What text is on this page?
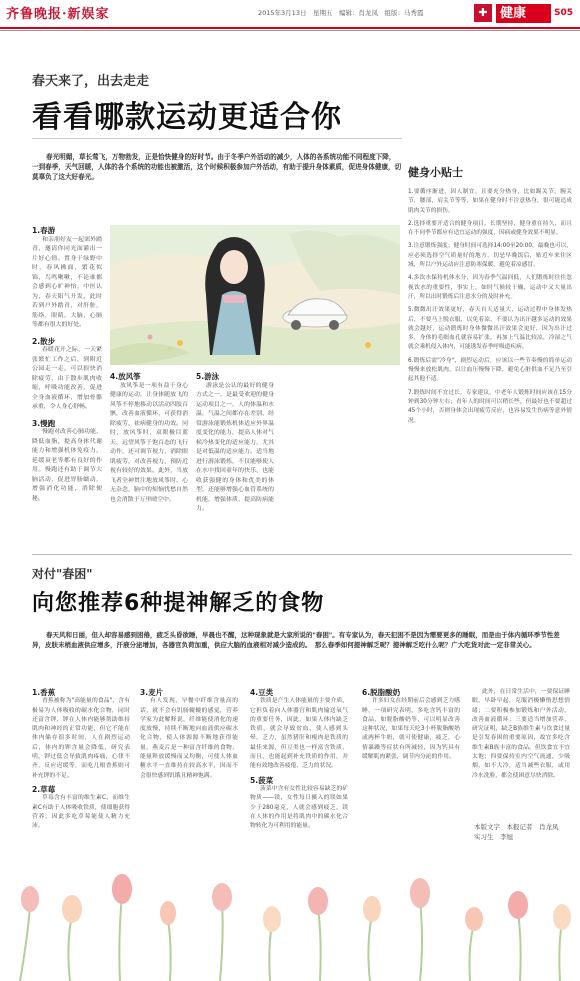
齐鲁晚报·新娱家	2015年3月13日　星期五　编辑：肖龙凤　组版：马秀霞	✚ 健康	S05
春天来了，出去走走
看看哪款运动更适合你

春光明媚，草长莺飞，万物勃发，正是恰快健身的好时节。由于冬季户外活动的减少，人体的各系统功能不同程度下降，一到春季，天气回暖，人体的各个系统的功能也被激活，这个时候积极参加户外活动，有助于提升身体素质，促进身体健康，切莫辜负了这大好春光。

1.春游

和亲朋好友一起郊外踏青，邀请你同光面灌出一片好心情。置身于绿野中时，春风拂面，繁花似锦，鸟鸣啾啾，不论谁都会感到心旷神怡。中医认为，春天阳气升发，此时若到户外踏青，对肝脏，筋络，眼睛，大脑，心肺等都有很大的好处。

2.散步

春暖花开之际，一天紧张繁忙工作之后，到附近公园走一走，可以很快消除疲劳，由于散步肌肉收缩，呼吸功能改善，促进全身血液循环，增加骨骼承重，令人身心舒畅。

3.慢跑

慢跑对改善心肺功能，降低血脂，提高身体代谢能力和增强机体免疫力，延缓衰老等都有良好的作用。慢跑还有助于调节大脑活动，促进胃肠蠕动，增强消化功能，消除便秘。

4.放风筝

放风筝是一项有益于身心健康的运动，让身体随放飞的风筝不停地移动以活动四肢百骸，改善血液循环，可获得消除疲劳，祛病健身的功效。同时，放风筝时，双眼极目蓝天，远望风筝于饱百态的飞行动作，还可调节视力，消除眼肌疲劳，对改善视力，预防近视有较好的效果。此外，当放飞者全神贯注地放风筝时，心无杂念，脑中的烦恼忧愁自然也会消散于万里晴空中。

5.游泳

游泳是公认的最好的健身方式之一，是最受欢迎的健身运动项目之一，人的体温和水温，气温之间都存在差别，经常游泳能锻炼机体适应外界温度变化的能力，提高人体对气候冷热变化的适应能力，尤其是对低温的适应能力。适当地进行游泳锻炼，不仅能够使人在水中找回童年的快乐，也能收获强健的身体和优美的体型，还能够增强心血管系统的机能，增强体质，提高防病能力。

健身小贴士

1.要循序渐进，因人制宜。且要充分热身，比如踢关节，腕关节，腰部，肩关节等等，如果在健身时不注意热身，很可能造成肌肉关节的损伤。

2.选择重要开适合的健身项目，长期坚持，健身重在持久，而且在不同季节都应有适宜运动的强度，因病或健身效果不明显。

3.注意锻炼强度；健身时间可选择14:00至20:00，最晚也可以，应必须选择空气质量好的地方，切忌早晚饭后，贴近车来往区域，所以户外运动应注意防寒保暖，避免着凉感冒。

4.多饮水保持机体水分，因为春季气温回低，人们锻炼时往往忽视饮水的重要性，事实上，如时气候较干燥，运动中又大量出汗，所以出时锻炼后注意水分的及时补充。

5.微微出汗效果更好，春天自天适量大，运动过程中身体发热后，不要马上脱衣服，以免着凉，不要认为出汗越多运动的效果就会越好，运动锻炼时身体微微出汗效果会更好，因为出汗过多，身体的毛细血孔就容易扩张，再加上气温比较凉，冷湿之气就会乘机侵入体内，可能诱发春季呼吸道疾病。

6.锻炼后需"冷身"，剧烈运动后，应该以一些节奏慢的简单运动慢慢来放松肌肉，以让血压慢慢下降，避免心脏供血不足乃至引起其他不适。

7.锻炼时间不宜过长，专家建议，中老年人锻炼时间应该在15分钟到30分钟左右；青年人的时间可以稍长些，但最好也不要超过45个小时，否则身体会出现疲劳反应，也容易发生伤病等意外情况。

对付"春困"
向您推荐6种提神解乏的食物

春天风和日丽，但人却容易感到困倦，疲乏头昏欲睡，早晨也不醒，这种现象就是大家所说的"春困"。有专家认为，春天犯困不是因为需要更多的睡眠，而是由于体内循环季节性差异，皮肤末梢血液供应增多，汗液分泌增加，各器官负荷加重，供应大脑的血液相对减少造成的。　那么春季如何提神解乏呢？提神解乏吃什么呢？广大吃货对此一定非常关心。

1.香蕉

香蕉被称为"高能量的食品"，含有极易为人体吸收的碳水化合物，同时还富含钾，钾在人体内能够帮助维持肌肉和神经的正常功能，但它不能在体内储存很多时间，人在剧烈运动后，体内的钾含量会降低，研究表明，钾过低会导致肌肉疼痛，心律不齐，反应迟缓等，而吃几根香蕉则可补充钾的不足。

2.草莓

草莓含有丰富的维生素C，而维生素C有助于人体吸收铁质，使细胞获得营养，因此多吃草莓能使人精力充沛。

3.麦片

有人发现，早餐中纤维含量高的话，就不会有饥肠辘辘的感觉，营养学家为此解释说，纤维能使消化的速度放慢，持续不断地向血液供应碳水化合物，使人体源源不断地获得能量，燕麦片是一种富含纤维的食物，能量释放缓慢而又均衡，可使人体血糖水平一直维持在较高水平，因而不会很快感到饥饿且精神饱满。

4.豆类

铁质是产生人体能量的主要介质，它担负着向人体器官和肌肉输送氧气的重要任务，因此，如果人体内缺乏铁质，就会导致贫血，使人感到头晕，乏力，虽然猪肝和瘦肉是铁质的最佳来源，但豆类也一样富含铁质，而且，也能起到补充铁质的作用，并能有效地改善疲倦，乏力的状况。

5.菠菜

菠菜中含有女性比较容易缺乏的矿物质——镁，女性每日摄入的镁如果少于280毫克，人就会感到疲乏，镁在人体的作用是将肌肉中的碳水化合物转化为可利用的能量。

6.脱脂酸奶

许多妇女在经期前后会感到乏力嗜睡，一项研究表明，多吃含钙丰富的食品，如脱脂酸奶等，可以明显改善这种状况，如果每天吃3小杯脱脂酸奶或两杯牛奶，就可使健康，疲乏，心情暴躁等症状有所减轻，因为钙具有缓解肌肉紧张，调节内分泌的作用。

此外，在日常生活中，一要保证睡眠，早卧早起，克服消极懒惰思想情绪；二要积极参加锻炼和户外活动，改善血液循环；三要适当增加营养，研究证明，缺乏B族维生素与饮食过量是引发春困的重要原因，故宜多吃含维生素B族丰富的食品，但饮食宜不宜太饱；四要保持室内空气流通，少吸烟，如不大冷，适当减些衣服，或用冷水洗脸，都会使困意尽快消除。

本版文字　本报记者　肖龙凤　实习生　李旭
